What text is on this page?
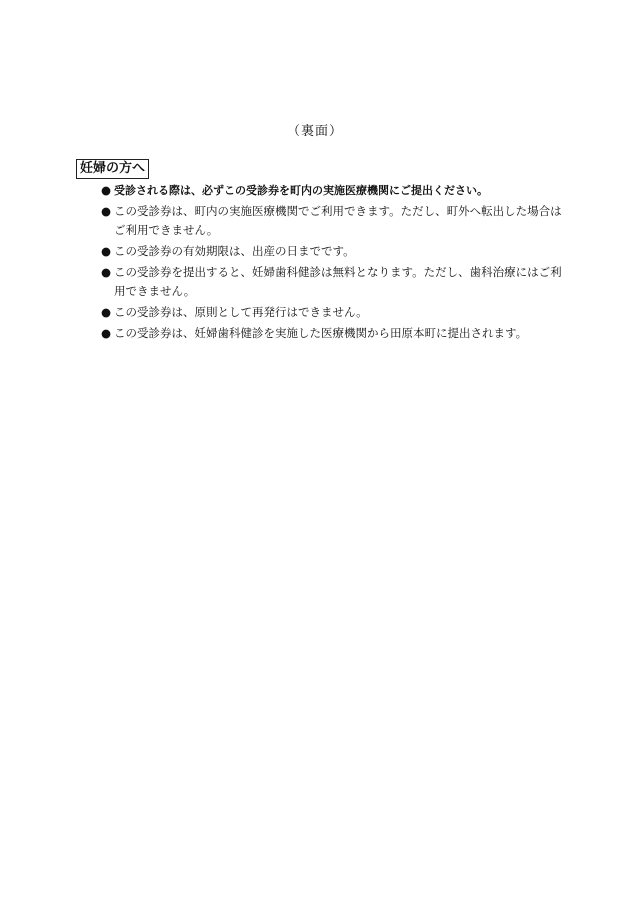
（裏面）
妊婦の方へ
● 受診される際は、必ずこの受診券を町内の実施医療機関にご提出ください。
● この受診券は、町内の実施医療機関でご利用できます。ただし、町外へ転出した場合はご利用できません。
● この受診券の有効期限は、出産の日までです。
● この受診券を提出すると、妊婦歯科健診は無料となります。ただし、歯科治療にはご利用できません。
● この受診券は、原則として再発行はできません。
● この受診券は、妊婦歯科健診を実施した医療機関から田原本町に提出されます。
